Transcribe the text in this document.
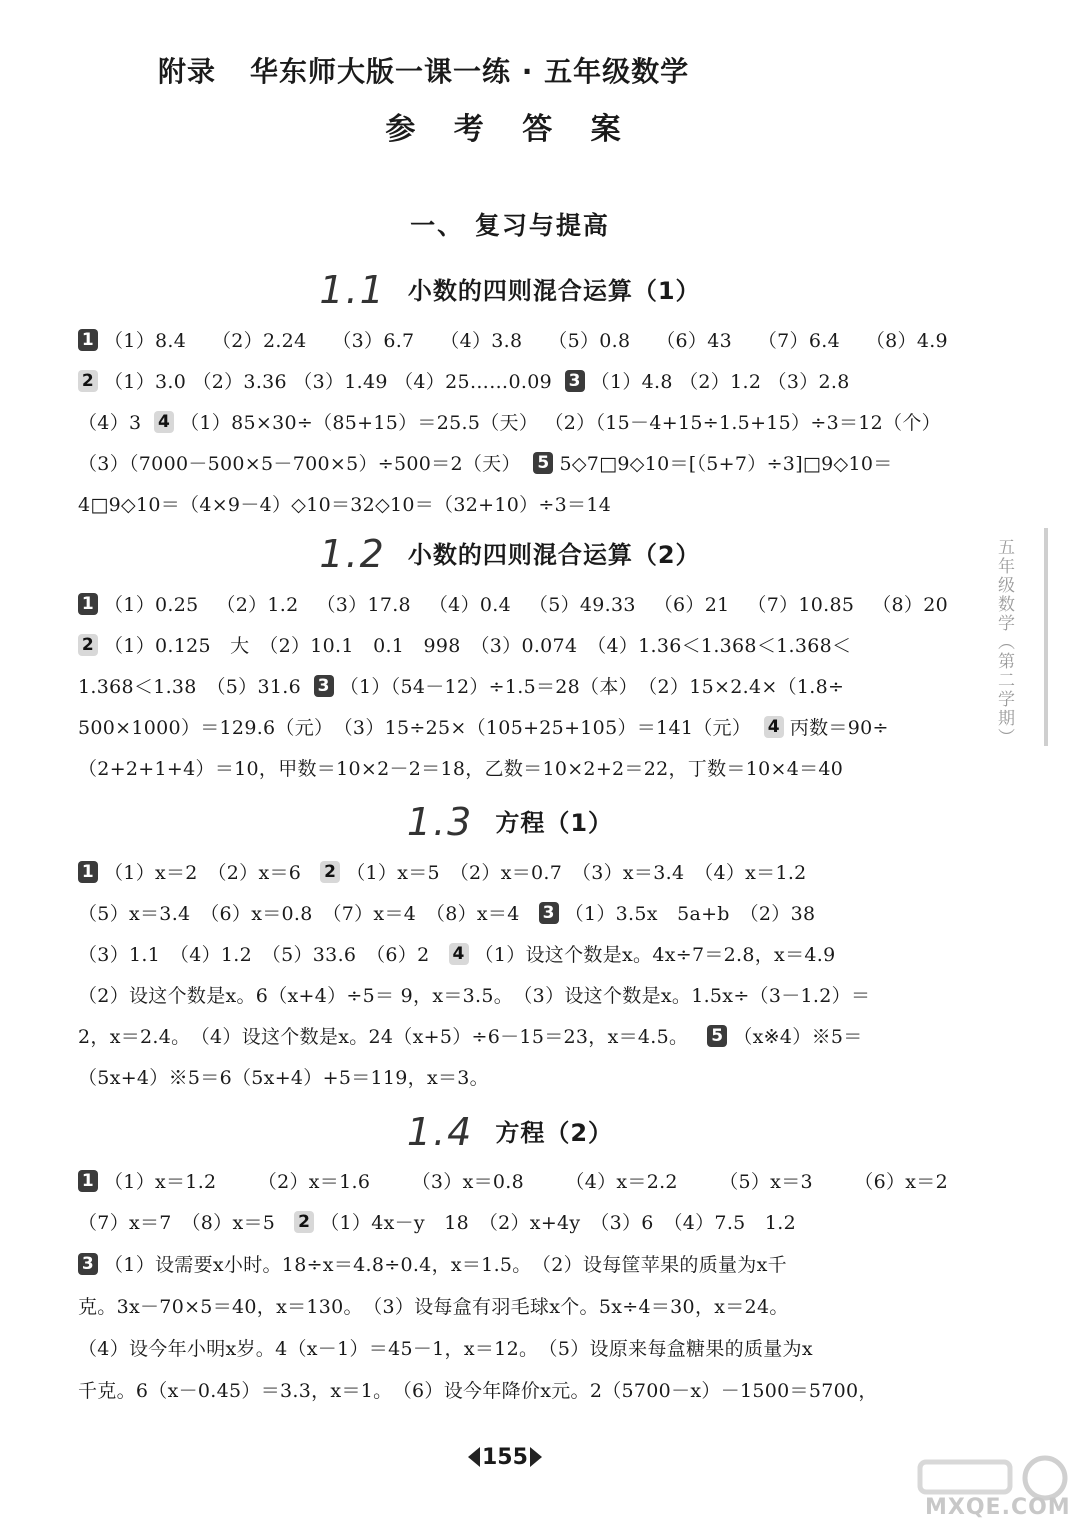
附录 华东师大版一课一练 · 五年级数学
参 考 答 案
一、 复习与提高
1.1 小数的四则混合运算（1）
1 （1）8.4 （2）2.24 （3）6.7 （4）3.8 （5）0.8 （6）43 （7）6.4 （8）4.9
2 （1）3.0 （2）3.36 （3）1.49 （4）25……0.09 3 （1）4.8 （2）1.2 （3）2.8
（4）3 4 （1）85×30÷（85+15）＝25.5（天） （2）（15－4+15÷1.5+15）÷3＝12（个）
（3）（7000－500×5－700×5）÷500＝2（天） 5 5◇7□9◇10＝[（5+7）÷3]□9◇10＝
4□9◇10＝（4×9－4）◇10＝32◇10＝（32+10）÷3＝14
1.2 小数的四则混合运算（2）
1 （1）0.25 （2）1.2 （3）17.8 （4）0.4 （5）49.33 （6）21 （7）10.85 （8）20
2 （1）0.125　大　（2）10.1　0.1　998　（3）0.074　（4）1.36＜1.368＜1.368＜
1.368＜1.38　（5）31.6 3 （1）（54－12）÷1.5＝28（本）　（2）15×2.4×（1.8÷
500×1000）＝129.6（元）　（3）15÷25×（105+25+105）＝141（元） 4 丙数＝90÷
（2+2+1+4）＝10，甲数＝10×2－2＝18，乙数＝10×2+2＝22，丁数＝10×4＝40
1.3 方程（1）
1 （1）x＝2　（2）x＝6 2 （1）x＝5　（2）x＝0.7　（3）x＝3.4　（4）x＝1.2
（5）x＝3.4　（6）x＝0.8　（7）x＝4　（8）x＝4 3 （1）3.5x　5a+b　（2）38
（3）1.1　（4）1.2　（5）33.6　（6）2 4 （1）设这个数是x。4x÷7＝2.8，x＝4.9
（2）设这个数是x。6（x+4）÷5＝ 9，x＝3.5。　（3）设这个数是x。1.5x÷（3－1.2）＝
2，x＝2.4。　（4）设这个数是x。24（x+5）÷6－15＝23，x＝4.5。 5 （x※4）※5＝
（5x+4）※5＝6（5x+4）+5＝119，x＝3。
1.4 方程（2）
1 （1）x＝1.2 （2）x＝1.6 （3）x＝0.8 （4）x＝2.2 （5）x＝3 （6）x＝2
（7）x＝7　（8）x＝5 2 （1）4x－y　18　（2）x+4y　（3）6　（4）7.5　1.2
3 （1）设需要x小时。18÷x＝4.8÷0.4，x＝1.5。　（2）设每筐苹果的质量为x千
克。3x－70×5＝40，x＝130。　（3）设每盒有羽毛球x个。5x÷4＝30，x＝24。
（4）设今年小明x岁。4（x－1）＝45－1，x＝12。　（5）设原来每盒糖果的质量为x
千克。6（x－0.45）＝3.3，x＝1。　（6）设今年降价x元。2（5700－x）－1500＝5700，
五年级数学（第二学期）
155
MXQE.COM
